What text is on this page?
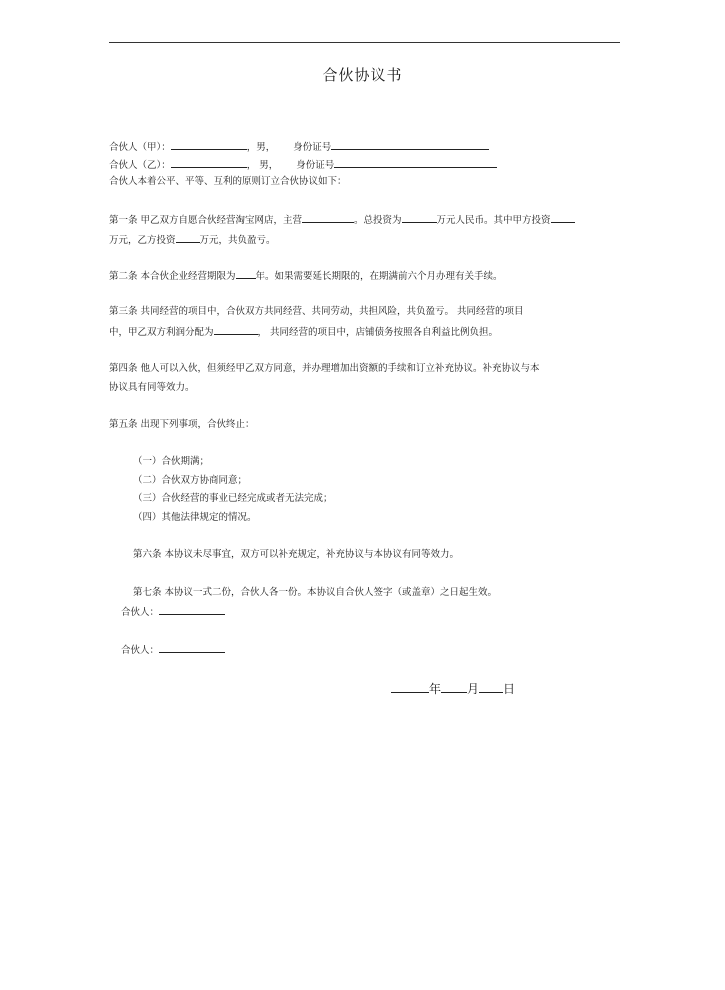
合伙协议书
合伙人（甲）：	，男， 身份证号
合伙人（乙）：	， 男， 身份证号
合伙人本着公平、平等、互利的原则订立合伙协议如下：
第一条 甲乙双方自愿合伙经营淘宝网店，主营	。总投资为	万元人民币。其中甲方投资
万元，乙方投资	万元，共负盈亏。
第二条 本合伙企业经营期限为 年。如果需要延长期限的，在期满前六个月办理有关手续。
第三条 共同经营的项目中，合伙双方共同经营、共同劳动，共担风险，共负盈亏。 共同经营的项目
中，甲乙双方利润分配为	， 共同经营的项目中，店铺债务按照各自利益比例负担。
第四条 他人可以入伙，但须经甲乙双方同意，并办理增加出资额的手续和订立补充协议。补充协议与本
协议具有同等效力。
第五条 出现下列事项，合伙终止：
（一）合伙期满；
（二）合伙双方协商同意；
（三）合伙经营的事业已经完成或者无法完成；
（四）其他法律规定的情况。
第六条 本协议未尽事宜，双方可以补充规定，补充协议与本协议有同等效力。
第七条 本协议一式二份，合伙人各一份。本协议自合伙人签字（或盖章）之日起生效。
合伙人：
合伙人：
年 月 日
